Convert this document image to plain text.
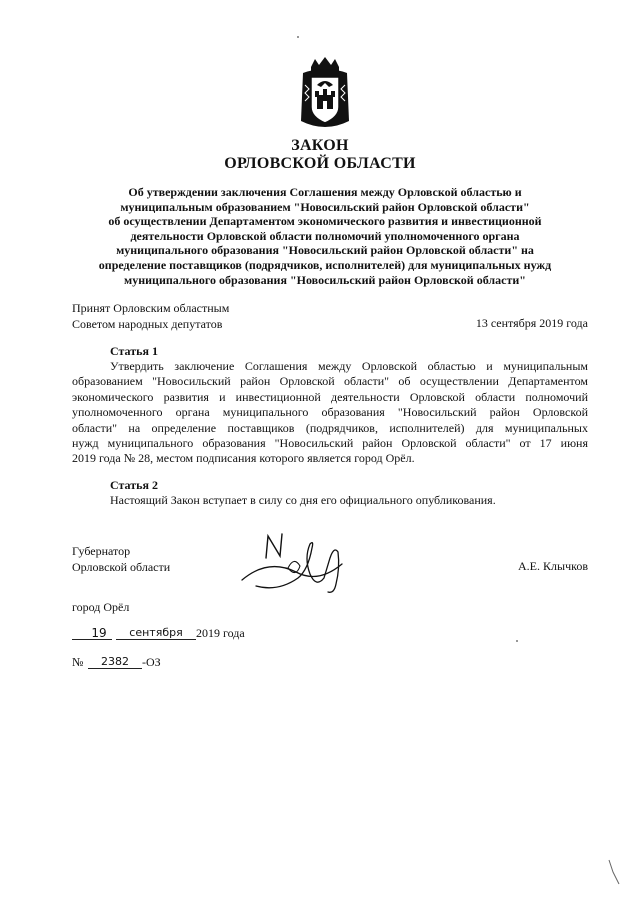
ЗАКОН
ОРЛОВСКОЙ ОБЛАСТИ
Об утверждении заключения Соглашения между Орловской областью и
муниципальным образованием "Новосильский район Орловской области"
об осуществлении Департаментом экономического развития и инвестиционной
деятельности Орловской области полномочий уполномоченного органа
муниципального образования "Новосильский район Орловской области" на
определение поставщиков (подрядчиков, исполнителей) для муниципальных нужд
муниципального образования "Новосильский район Орловской области"
Принят Орловским областным
Советом народных депутатов	13 сентября 2019 года
Статья 1
Утвердить заключение Соглашения между Орловской областью и муниципальным
образованием "Новосильский район Орловской области" об осуществлении Департаментом
экономического развития и инвестиционной деятельности Орловской области полномочий
уполномоченного органа муниципального образования "Новосильский район Орловской
области" на определение поставщиков (подрядчиков, исполнителей) для муниципальных
нужд муниципального образования "Новосильский район Орловской области" от 17 июня
2019 года № 28, местом подписания которого является город Орёл.
Статья 2
Настоящий Закон вступает в силу со дня его официального опубликования.
Губернатор
Орловской области	А.Е. Клычков
город Орёл
19	сентября	2019 года
№	2382	-ОЗ
